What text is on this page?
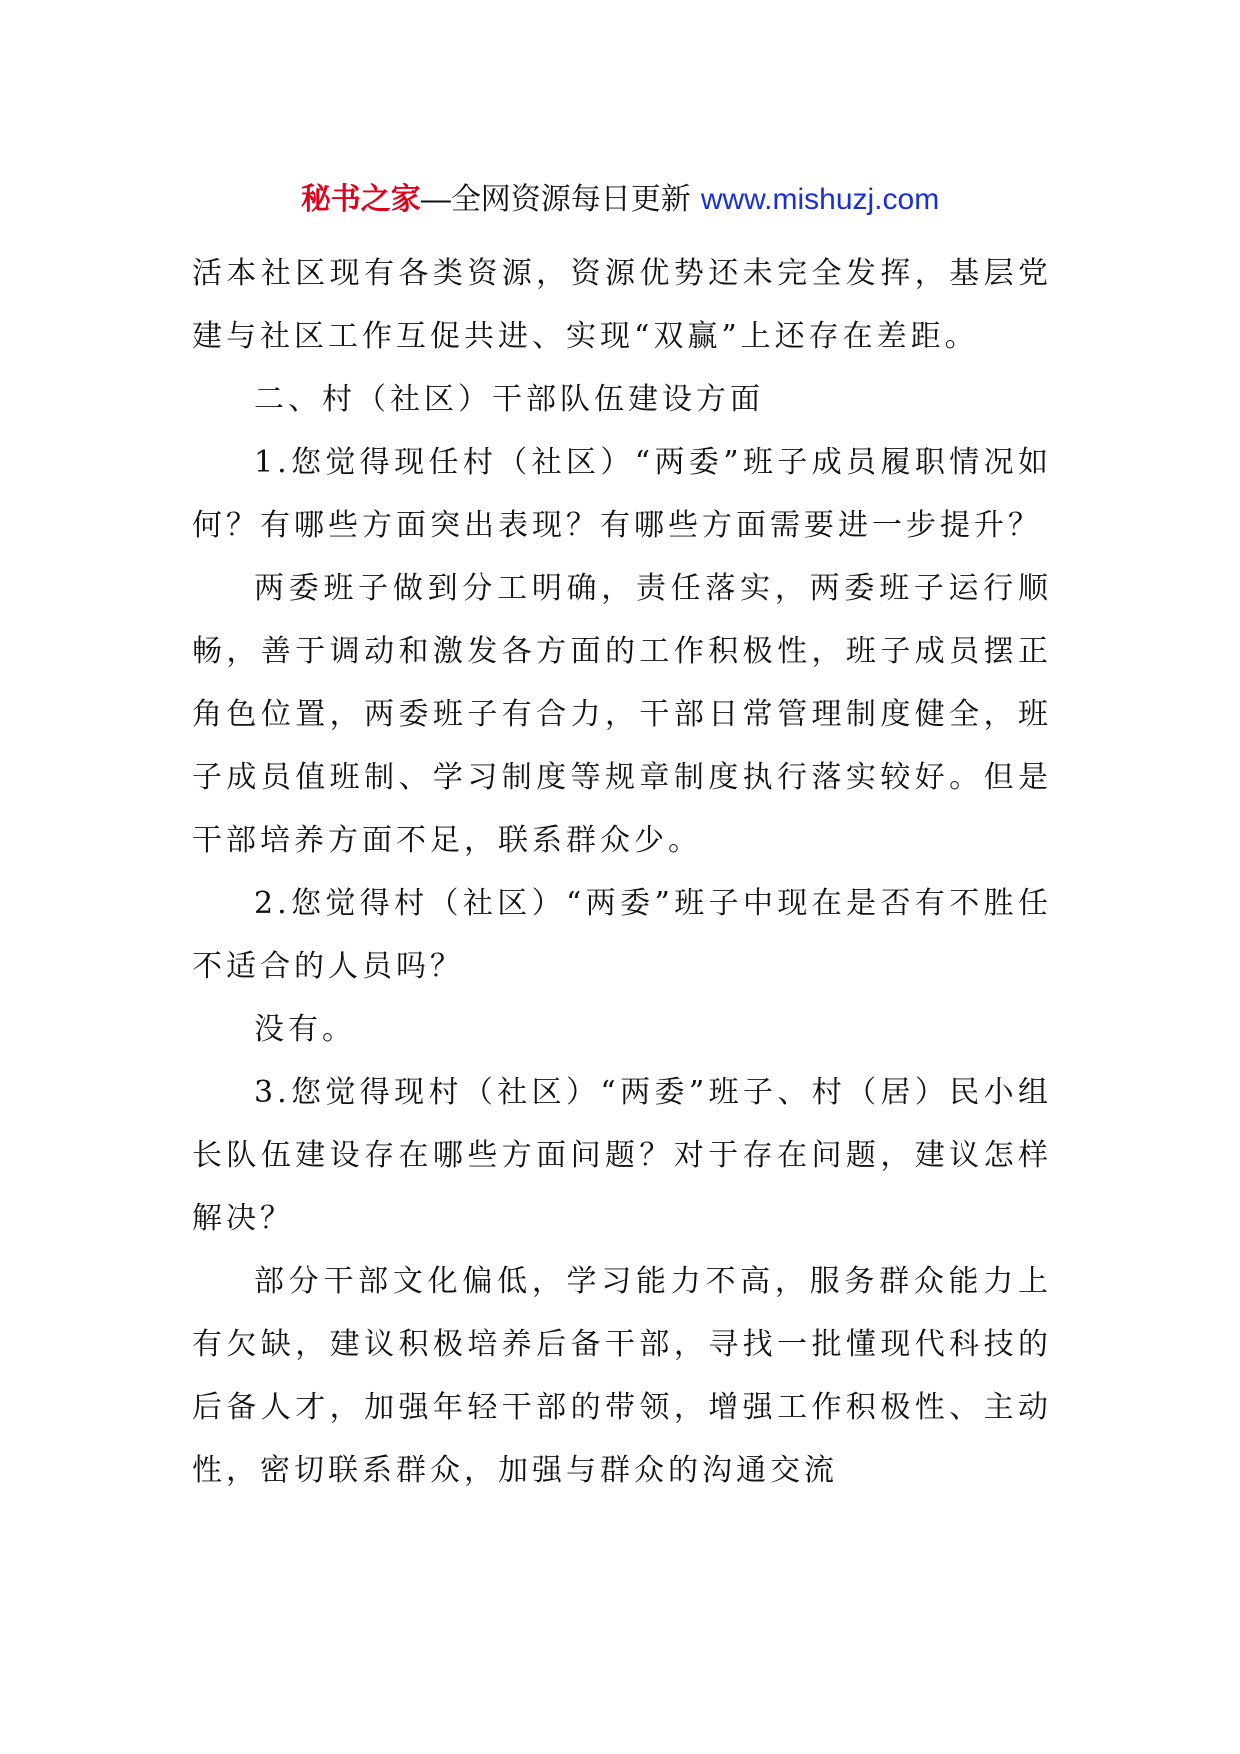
秘书之家—全网资源每日更新 www.mishuzj.com

活本社区现有各类资源，资源优势还未完全发挥，基层党建与社区工作互促共进、实现“双赢”上还存在差距。

二、村（社区）干部队伍建设方面

1.您觉得现任村（社区）“两委”班子成员履职情况如何？有哪些方面突出表现？有哪些方面需要进一步提升？

两委班子做到分工明确，责任落实，两委班子运行顺畅，善于调动和激发各方面的工作积极性，班子成员摆正角色位置，两委班子有合力，干部日常管理制度健全，班子成员值班制、学习制度等规章制度执行落实较好。但是干部培养方面不足，联系群众少。

2.您觉得村（社区）“两委”班子中现在是否有不胜任不适合的人员吗？

没有。

3.您觉得现村（社区）“两委”班子、村（居）民小组长队伍建设存在哪些方面问题？对于存在问题，建议怎样解决？

部分干部文化偏低，学习能力不高，服务群众能力上有欠缺，建议积极培养后备干部，寻找一批懂现代科技的后备人才，加强年轻干部的带领，增强工作积极性、主动性，密切联系群众，加强与群众的沟通交流
